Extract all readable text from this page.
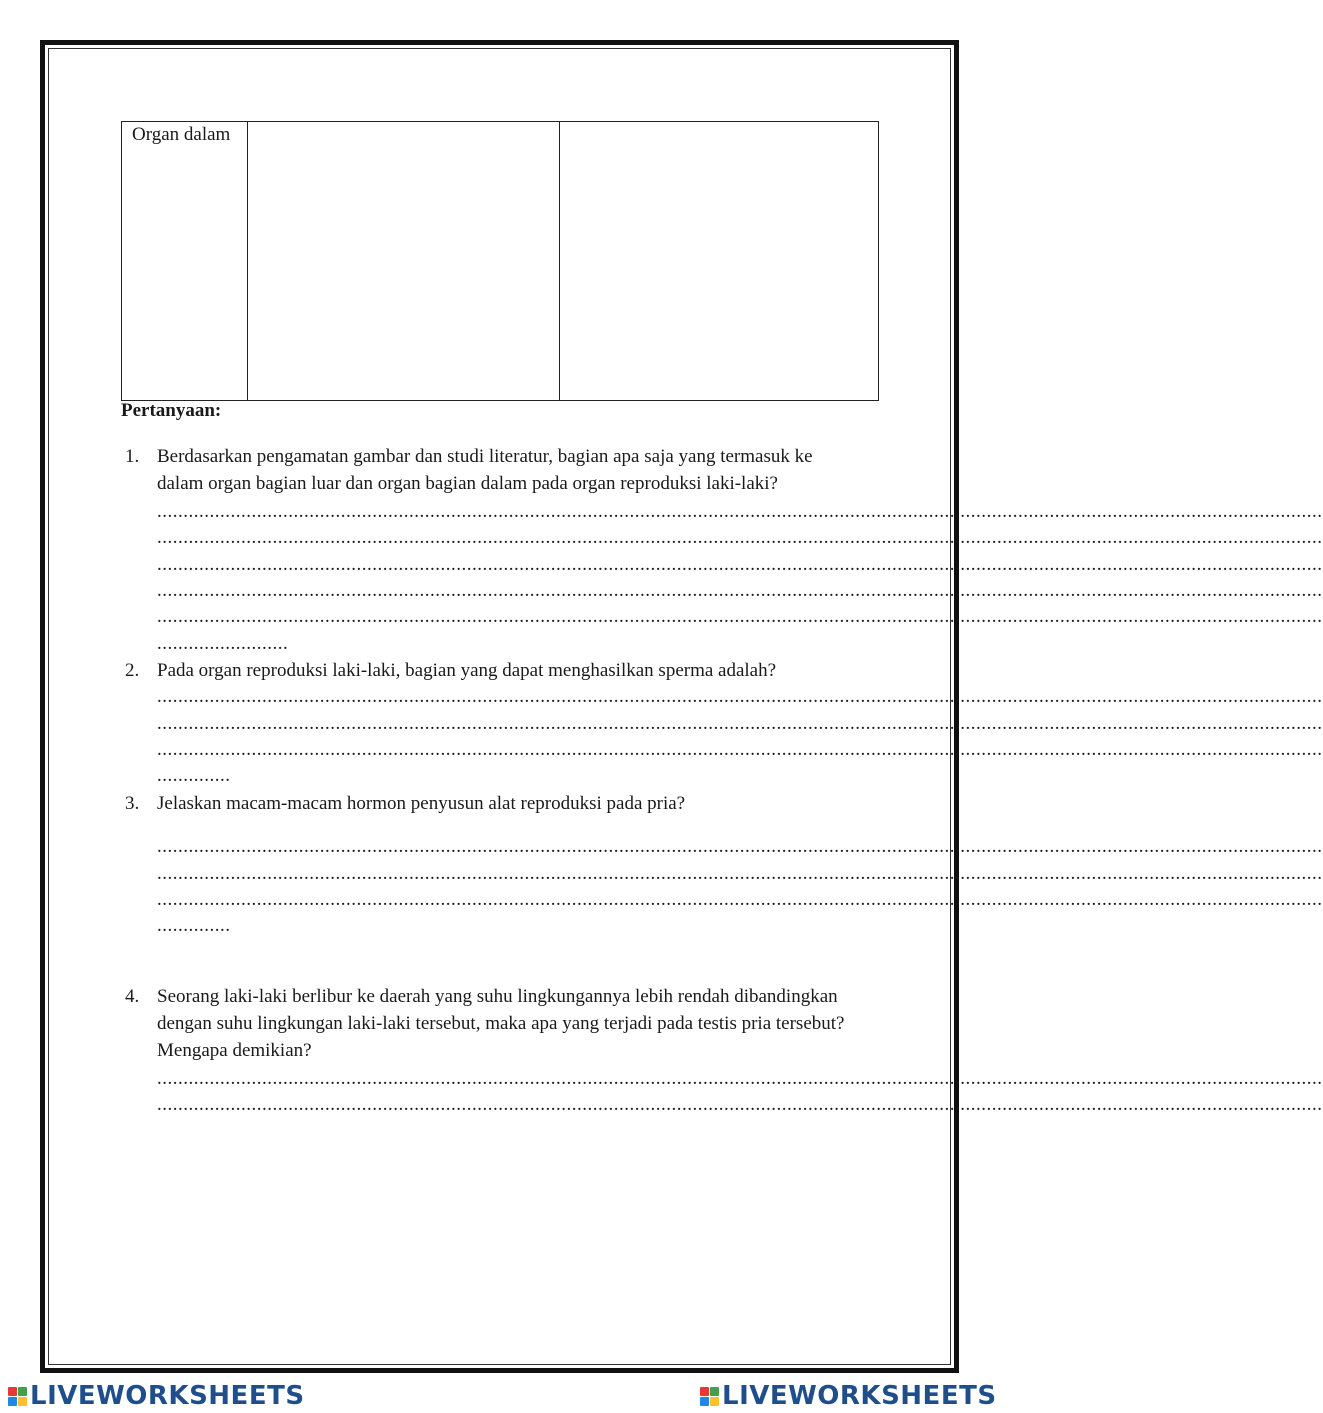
Organ dalam

Pertanyaan:
1. Berdasarkan pengamatan gambar dan studi literatur, bagian apa saja yang termasuk ke
dalam organ bagian luar dan organ bagian dalam pada organ reproduksi laki-laki?
..............................................................................................................................................................................................................................
..............................................................................................................................................................................................................................
..............................................................................................................................................................................................................................
..............................................................................................................................................................................................................................
..............................................................................................................................................................................................................................
.........................
2. Pada organ reproduksi laki-laki, bagian yang dapat menghasilkan sperma adalah?
..............................................................................................................................................................................................................................
..............................................................................................................................................................................................................................
..............................................................................................................................................................................................................................
..............
3. Jelaskan macam-macam hormon penyusun alat reproduksi pada pria?
..............................................................................................................................................................................................................................
..............................................................................................................................................................................................................................
..............................................................................................................................................................................................................................
..............
4. Seorang laki-laki berlibur ke daerah yang suhu lingkungannya lebih rendah dibandingkan
dengan suhu lingkungan laki-laki tersebut, maka apa yang terjadi pada testis pria tersebut?
Mengapa demikian?
..............................................................................................................................................................................................................................
..............................................................................................................................................................................................................................
LIVEWORKSHEETS	LIVEWORKSHEETS
